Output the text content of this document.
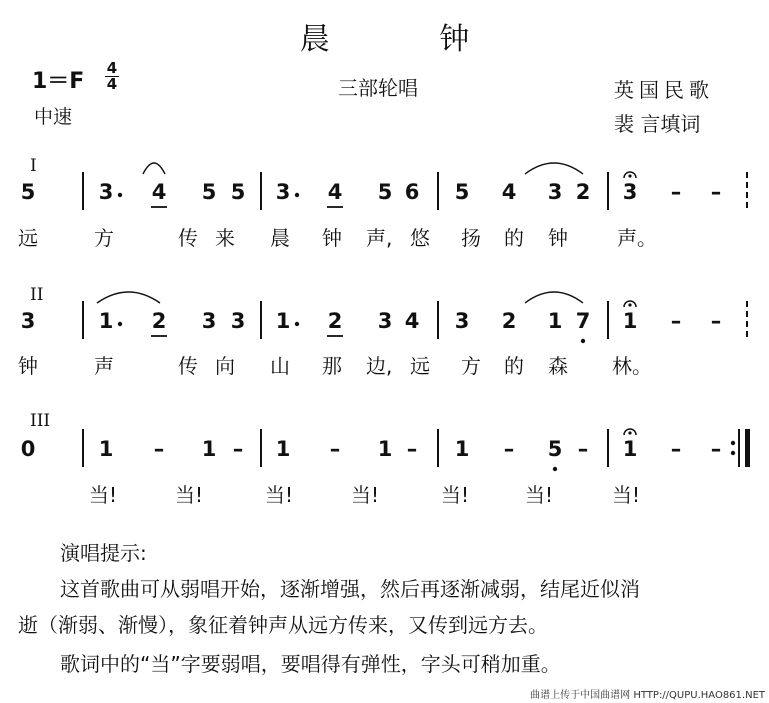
晨 钟
1＝F
4
4
中速
三部轮唱	英国民歌
裴 言填词
I
5	3 4 5 5 3 4 5 6 5 4 3 2 3 – –
远	方	传 来 晨 钟 声, 悠 扬 的 钟 声。
II
3	1 2 3 3 1 2 3 4 3 2 1 7 1 – –
钟	声	传 向 山 那 边, 远 方 的 森 林。
III
0	1 – 1 – 1 – 1 – 1 – 5 – 1 – –
当!	当!	当!	当!	当!	当!	当!
演唱提示:
这首歌曲可从弱唱开始，逐渐增强，然后再逐渐减弱，结尾近似消
逝（渐弱、渐慢），象征着钟声从远方传来，又传到远方去。
歌词中的“当”字要弱唱，要唱得有弹性，字头可稍加重。
曲谱上传于中国曲谱网 HTTP://QUPU.HAO861.NET
